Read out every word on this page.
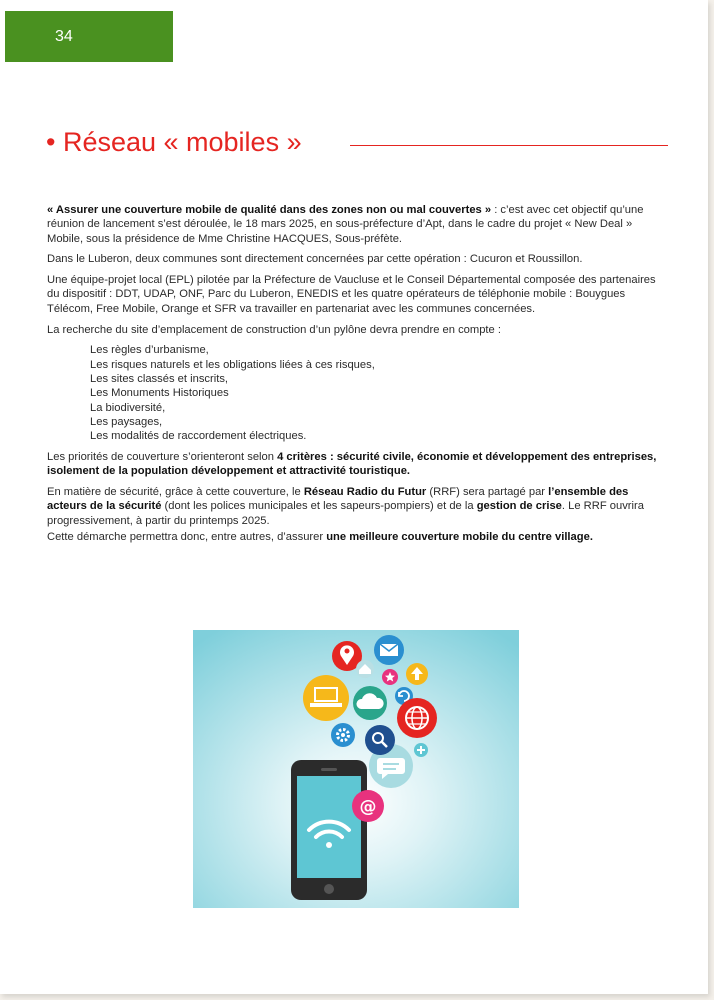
34
• Réseau « mobiles »

« Assurer une couverture mobile de qualité dans des zones non ou mal couvertes » : c’est avec cet objectif qu’une réunion de lancement s’est déroulée, le 18 mars 2025, en sous-préfecture d’Apt, dans le cadre du projet « New Deal » Mobile, sous la présidence de Mme Christine HACQUES, Sous-préfète.

Dans le Luberon, deux communes sont directement concernées par cette opération : Cucuron et Roussillon.

Une équipe-projet local (EPL) pilotée par la Préfecture de Vaucluse et le Conseil Départemental composée des partenaires du dispositif : DDT, UDAP, ONF, Parc du Luberon, ENEDIS et les quatre opérateurs de téléphonie mobile : Bouygues Télécom, Free Mobile, Orange et SFR va travailler en partenariat avec les communes concernées.

La recherche du site d’emplacement de construction d’un pylône devra prendre en compte :

Les règles d’urbanisme,
Les risques naturels et les obligations liées à ces risques,
Les sites classés et inscrits,
Les Monuments Historiques
La biodiversité,
Les paysages,
Les modalités de raccordement électriques.

Les priorités de couverture s’orienteront selon 4 critères : sécurité civile, économie et développement des entreprises, isolement de la population développement et attractivité touristique.

En matière de sécurité, grâce à cette couverture, le Réseau Radio du Futur (RRF) sera partagé par l’ensemble des acteurs de la sécurité (dont les polices municipales et les sapeurs-pompiers) et de la gestion de crise. Le RRF ouvrira progressivement, à partir du printemps 2025.

Cette démarche permettra donc, entre autres, d’assurer une meilleure couverture mobile du centre village.

@
